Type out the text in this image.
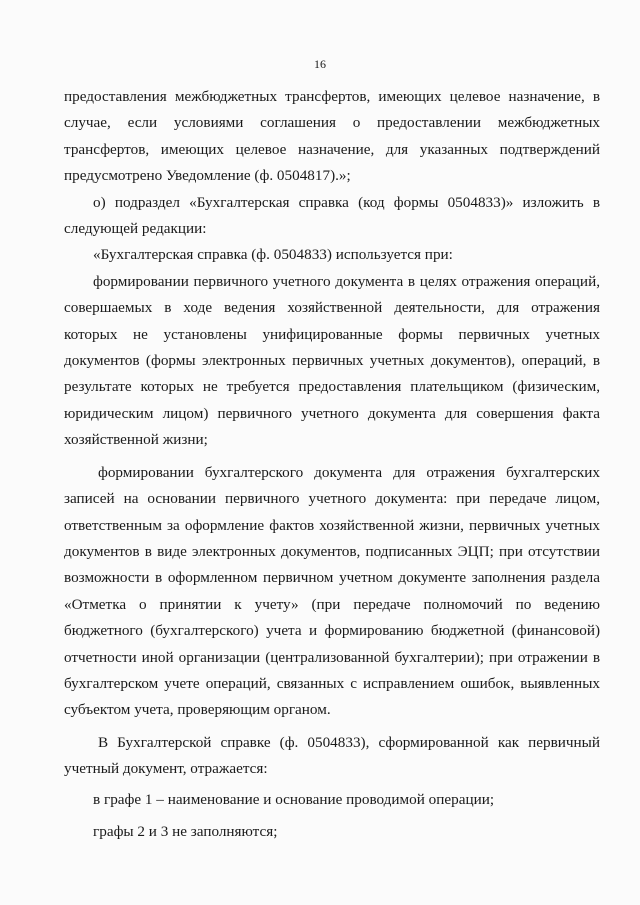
16

предоставления межбюджетных трансфертов, имеющих целевое назначение, в случае, если условиями соглашения о предоставлении межбюджетных трансфертов, имеющих целевое назначение, для указанных подтверждений предусмотрено Уведомление (ф. 0504817).»;

о) подраздел «Бухгалтерская справка (код формы 0504833)» изложить в следующей редакции:

«Бухгалтерская справка (ф. 0504833) используется при:

формировании первичного учетного документа в целях отражения операций, совершаемых в ходе ведения хозяйственной деятельности, для отражения которых не установлены унифицированные формы первичных учетных документов (формы электронных первичных учетных документов), операций, в результате которых не требуется предоставления плательщиком (физическим, юридическим лицом) первичного учетного документа для совершения факта хозяйственной жизни;

формировании бухгалтерского документа для отражения бухгалтерских записей на основании первичного учетного документа: при передаче лицом, ответственным за оформление фактов хозяйственной жизни, первичных учетных документов в виде электронных документов, подписанных ЭЦП; при отсутствии возможности в оформленном первичном учетном документе заполнения раздела «Отметка о принятии к учету» (при передаче полномочий по ведению бюджетного (бухгалтерского) учета и формированию бюджетной (финансовой) отчетности иной организации (централизованной бухгалтерии); при отражении в бухгалтерском учете операций, связанных с исправлением ошибок, выявленных субъектом учета, проверяющим органом.

В Бухгалтерской справке (ф. 0504833), сформированной как первичный учетный документ, отражается:

в графе 1 – наименование и основание проводимой операции;

графы 2 и 3 не заполняются;
